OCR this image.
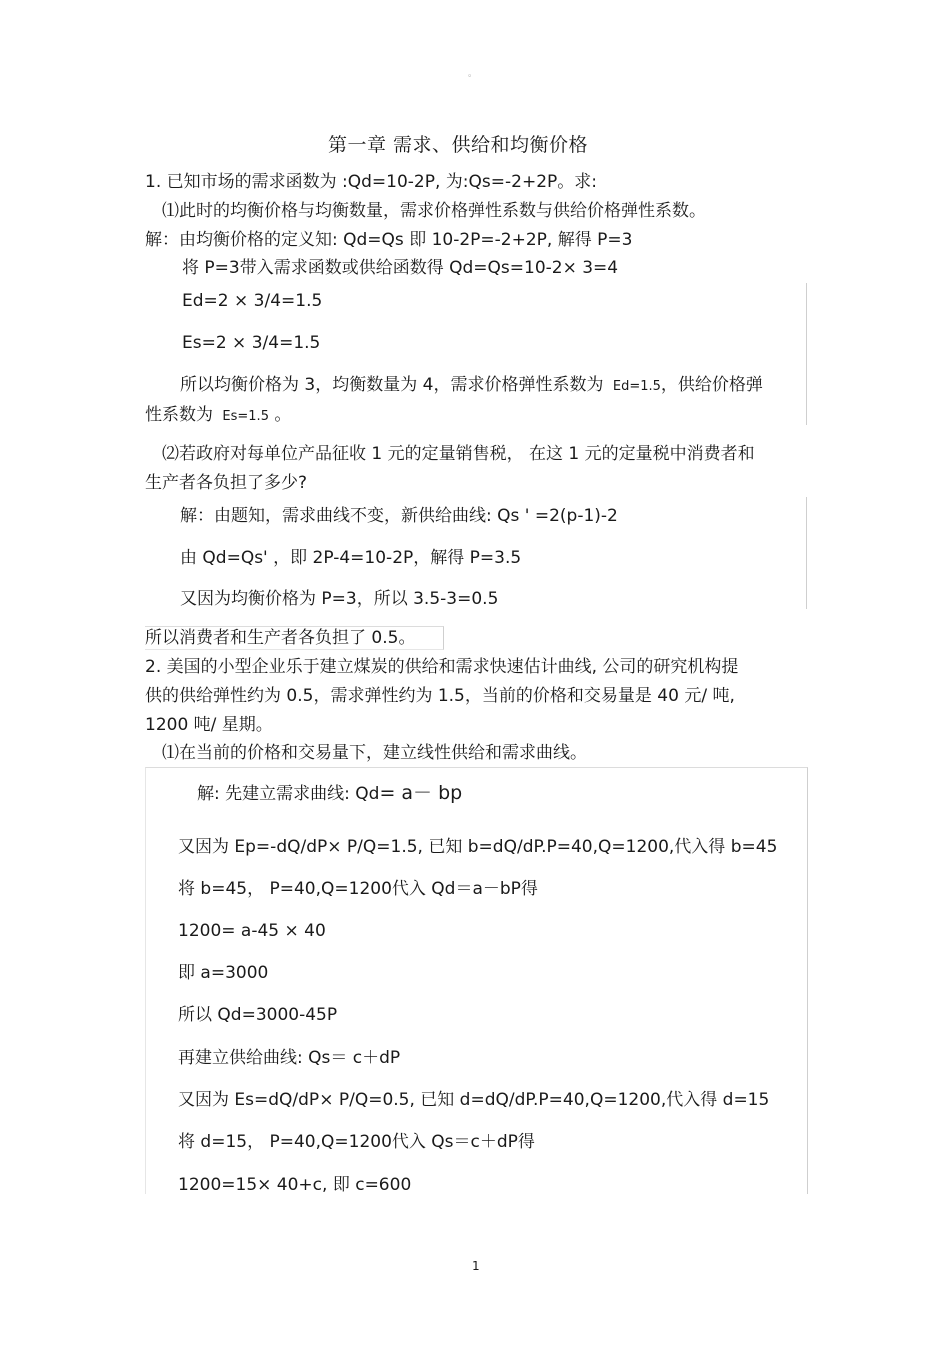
。
第一章 需求、供给和均衡价格
1. 已知市场的需求函数为 :Qd=10-2P, 为:Qs=-2+2P。求:
⑴此时的均衡价格与均衡数量，需求价格弹性系数与供给价格弹性系数。
解：由均衡价格的定义知: Qd=Qs 即 10-2P=-2+2P, 解得 P=3
将 P=3带入需求函数或供给函数得 Qd=Qs=10-2× 3=4
Ed=2 × 3/4=1.5
Es=2 × 3/4=1.5
所以均衡价格为 3，均衡数量为 4，需求价格弹性系数为 Ed=1.5，供给价格弹
性系数为 Es=1.5 。
⑵若政府对每单位产品征收 1 元的定量销售税， 在这 1 元的定量税中消费者和
生产者各负担了多少?
解：由题知，需求曲线不变，新供给曲线: Qs ' =2(p-1)-2
由 Qd=Qs' ，即 2P-4=10-2P，解得 P=3.5
又因为均衡价格为 P=3，所以 3.5-3=0.5
所以消费者和生产者各负担了 0.5。
2. 美国的小型企业乐于建立煤炭的供给和需求快速估计曲线, 公司的研究机构提
供的供给弹性约为 0.5，需求弹性约为 1.5，当前的价格和交易量是 40 元/ 吨,
1200 吨/ 星期。
⑴在当前的价格和交易量下，建立线性供给和需求曲线。
解: 先建立需求曲线: Qd= a－ bp
又因为 Ep=-dQ/dP× P/Q=1.5, 已知 b=dQ/dP.P=40,Q=1200,代入得 b=45
将 b=45， P=40,Q=1200代入 Qd＝a－bP得
1200= a-45 × 40
即 a=3000
所以 Qd=3000-45P
再建立供给曲线: Qs＝ c＋dP
又因为 Es=dQ/dP× P/Q=0.5, 已知 d=dQ/dP.P=40,Q=1200,代入得 d=15
将 d=15， P=40,Q=1200代入 Qs＝c＋dP得
1200=15× 40+c, 即 c=600
1
